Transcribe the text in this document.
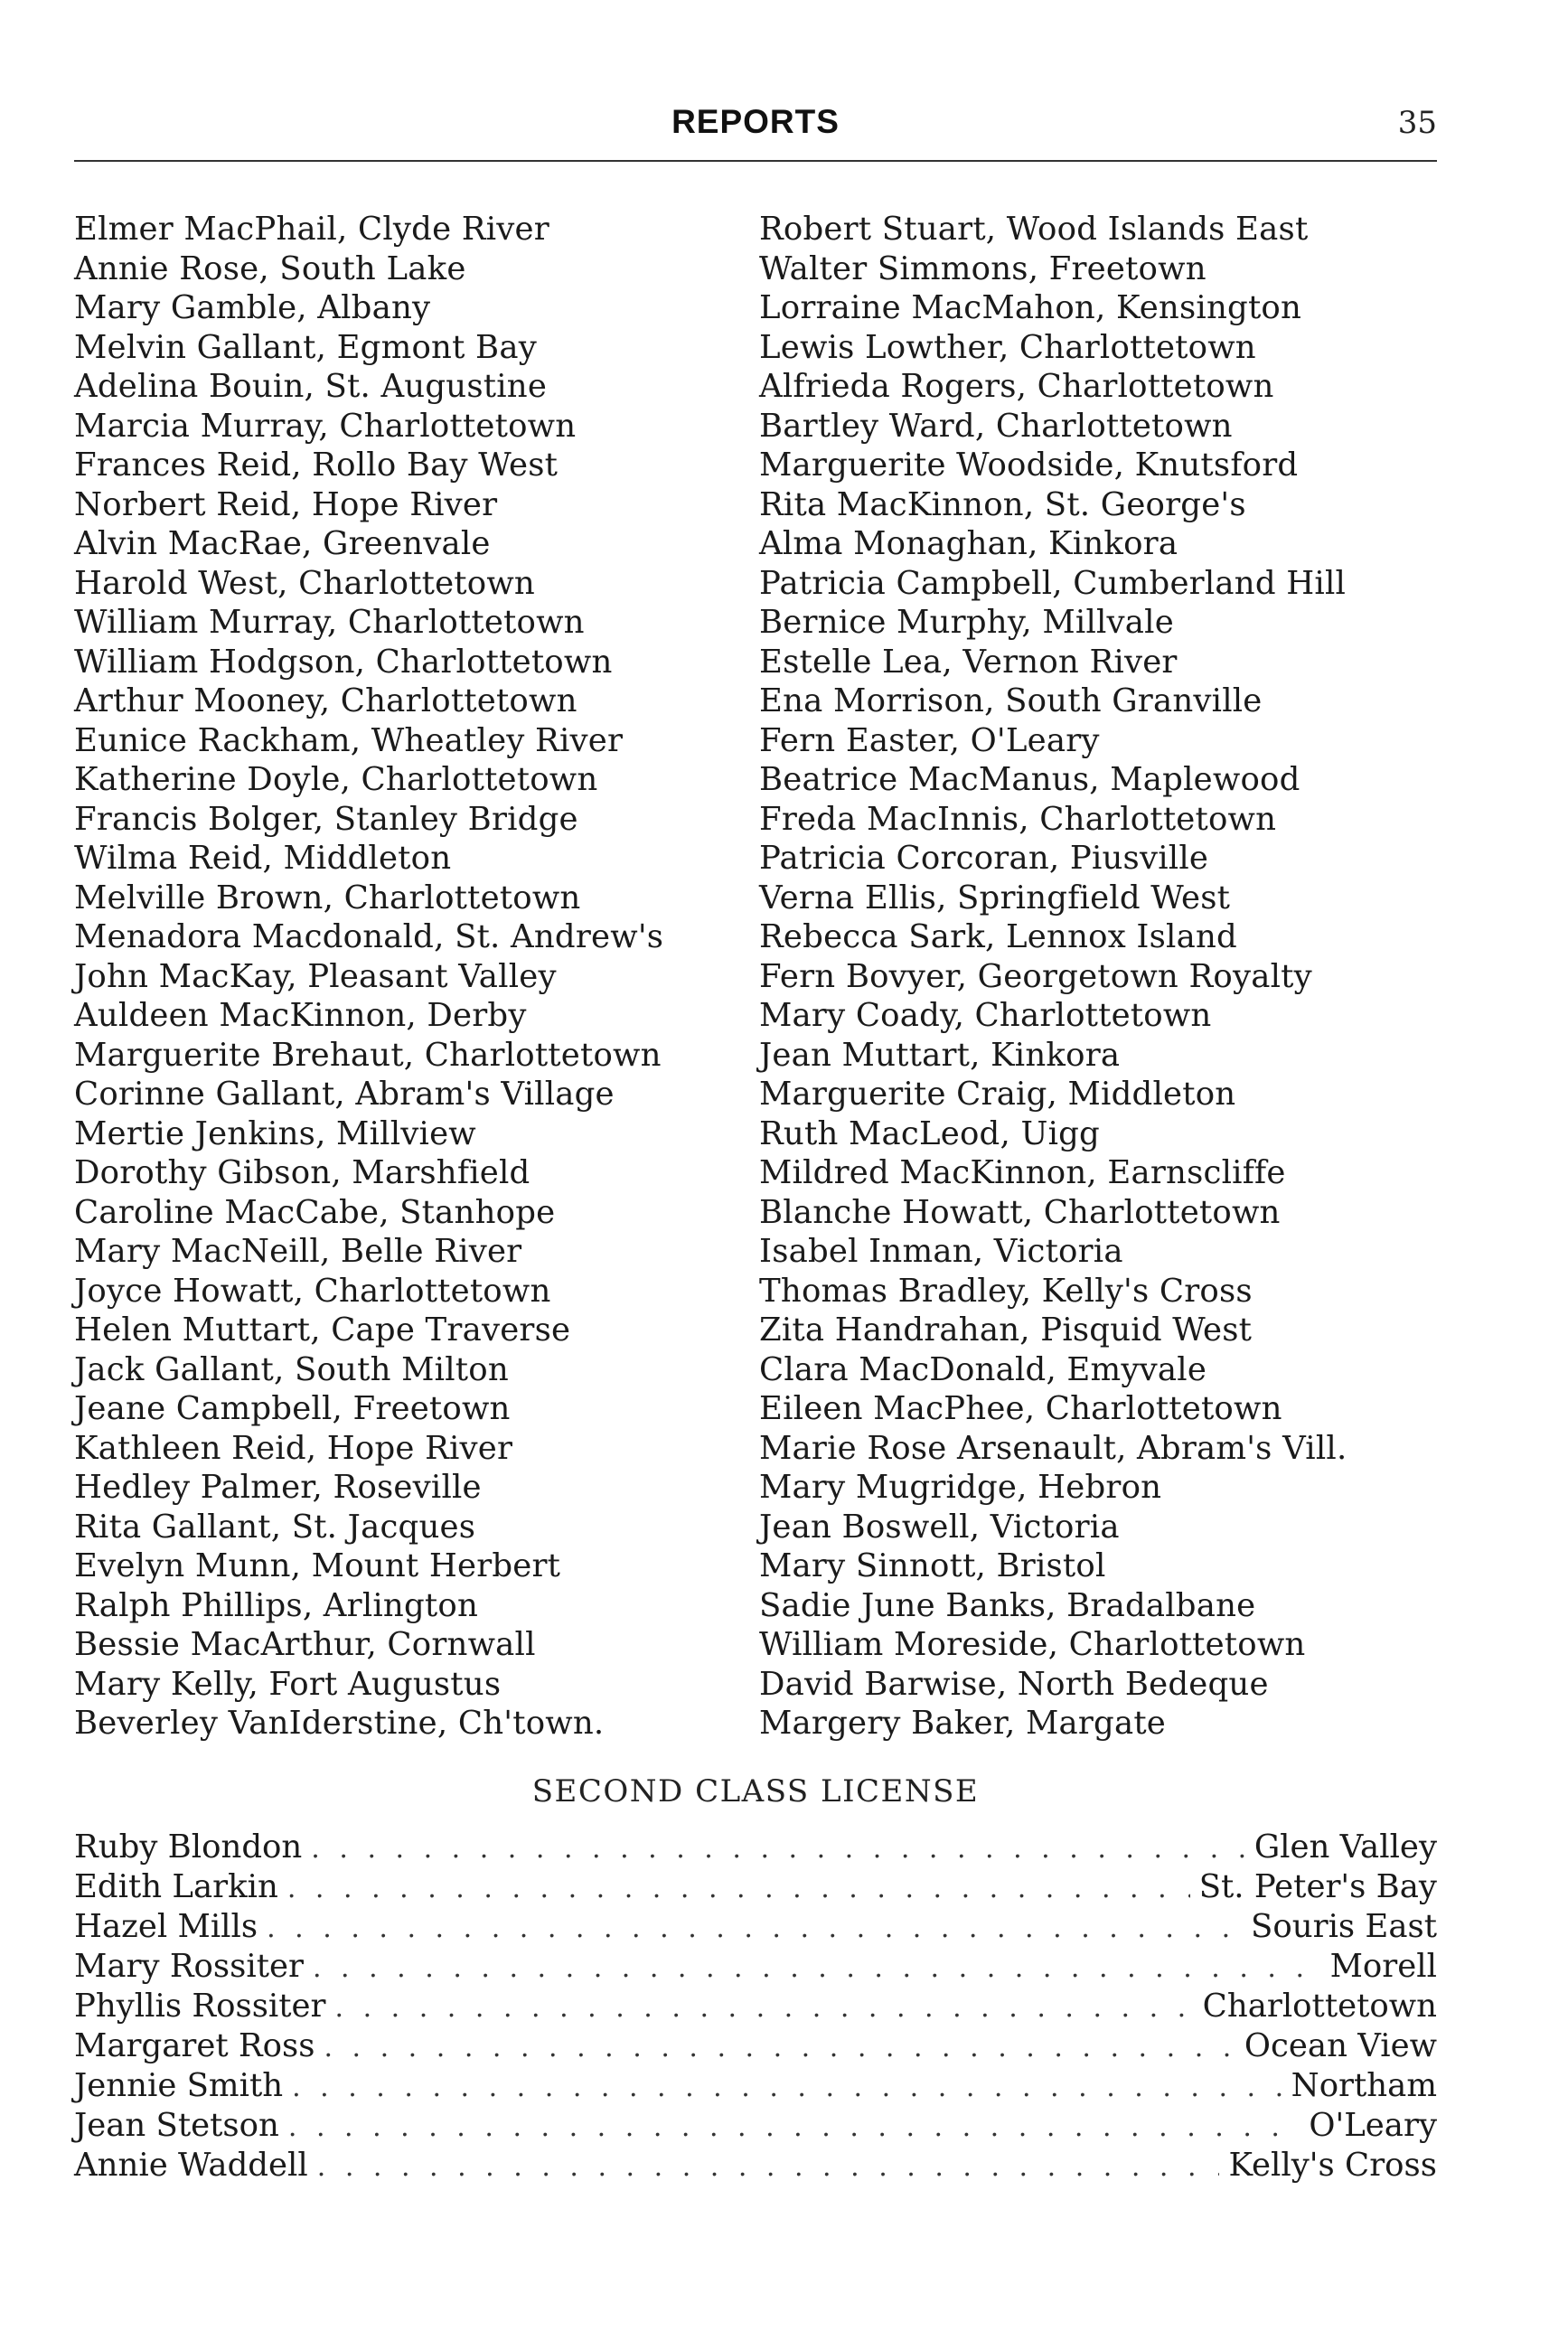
REPORTS	35
Elmer MacPhail, Clyde River
Annie Rose, South Lake
Mary Gamble, Albany
Melvin Gallant, Egmont Bay
Adelina Bouin, St. Augustine
Marcia Murray, Charlottetown
Frances Reid, Rollo Bay West
Norbert Reid, Hope River
Alvin MacRae, Greenvale
Harold West, Charlottetown
William Murray, Charlottetown
William Hodgson, Charlottetown
Arthur Mooney, Charlottetown
Eunice Rackham, Wheatley River
Katherine Doyle, Charlottetown
Francis Bolger, Stanley Bridge
Wilma Reid, Middleton
Melville Brown, Charlottetown
Menadora Macdonald, St. Andrew's
John MacKay, Pleasant Valley
Auldeen MacKinnon, Derby
Marguerite Brehaut, Charlottetown
Corinne Gallant, Abram's Village
Mertie Jenkins, Millview
Dorothy Gibson, Marshfield
Caroline MacCabe, Stanhope
Mary MacNeill, Belle River
Joyce Howatt, Charlottetown
Helen Muttart, Cape Traverse
Jack Gallant, South Milton
Jeane Campbell, Freetown
Kathleen Reid, Hope River
Hedley Palmer, Roseville
Rita Gallant, St. Jacques
Evelyn Munn, Mount Herbert
Ralph Phillips, Arlington
Bessie MacArthur, Cornwall
Mary Kelly, Fort Augustus
Beverley VanIderstine, Ch'town.
Robert Stuart, Wood Islands East
Walter Simmons, Freetown
Lorraine MacMahon, Kensington
Lewis Lowther, Charlottetown
Alfrieda Rogers, Charlottetown
Bartley Ward, Charlottetown
Marguerite Woodside, Knutsford
Rita MacKinnon, St. George's
Alma Monaghan, Kinkora
Patricia Campbell, Cumberland Hill
Bernice Murphy, Millvale
Estelle Lea, Vernon River
Ena Morrison, South Granville
Fern Easter, O'Leary
Beatrice MacManus, Maplewood
Freda MacInnis, Charlottetown
Patricia Corcoran, Piusville
Verna Ellis, Springfield West
Rebecca Sark, Lennox Island
Fern Bovyer, Georgetown Royalty
Mary Coady, Charlottetown
Jean Muttart, Kinkora
Marguerite Craig, Middleton
Ruth MacLeod, Uigg
Mildred MacKinnon, Earnscliffe
Blanche Howatt, Charlottetown
Isabel Inman, Victoria
Thomas Bradley, Kelly's Cross
Zita Handrahan, Pisquid West
Clara MacDonald, Emyvale
Eileen MacPhee, Charlottetown
Marie Rose Arsenault, Abram's Vill.
Mary Mugridge, Hebron
Jean Boswell, Victoria
Mary Sinnott, Bristol
Sadie June Banks, Bradalbane
William Moreside, Charlottetown
David Barwise, North Bedeque
Margery Baker, Margate
SECOND CLASS LICENSE
Ruby Blondon . . .	Glen Valley
Edith Larkin . . .	St. Peter's Bay
Hazel Mills . . .	Souris East
Mary Rossiter . . .	Morell
Phyllis Rossiter . . .	Charlottetown
Margaret Ross . . .	Ocean View
Jennie Smith . . .	Northam
Jean Stetson . . .	O'Leary
Annie Waddell . . .	Kelly's Cross
